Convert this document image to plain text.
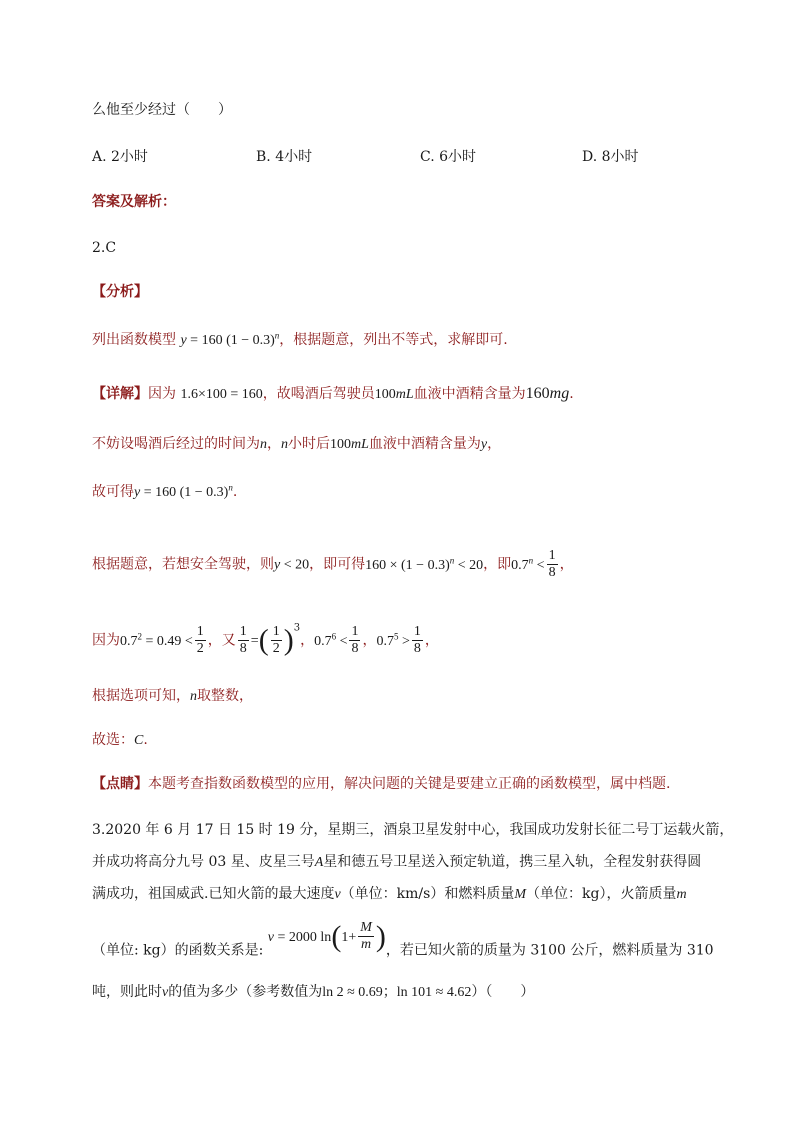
么他至少经过（　　）
A. 2小时	B. 4小时	C. 6小时	D. 8小时
答案及解析：
2.C
【分析】
列出函数模型 y = 160 $(1 - 0.3)^n$，根据题意，列出不等式，求解即可.
【详解】因为 1.6×100 = 160，故喝酒后驾驶员100mL血液中酒精含量为160mg.
不妨设喝酒后经过的时间为n，n小时后100mL血液中酒精含量为y，
故可得y = 160 $(1 - 0.3)^n$.
根据题意，若想安全驾驶，则y < 20，即可得$160 \times (1 - 0.3)^n < 20$，即$0.7^n < \frac{1}{8}$ ，
因为$0.7^2 = 0.49 < \frac{1}{2}$ ，又 $\frac{1}{8}$ =( $\frac{1}{2} )^3$，$0.7^6 < \frac{1}{8}$ ，$0.7^5 > \frac{1}{8}$ ，
根据选项可知，n取整数，
故选：C.
【点睛】本题考查指数函数模型的应用，解决问题的关键是要建立正确的函数模型，属中档题.
3.2020 年 6 月 17 日 15 时 19 分，星期三，酒泉卫星发射中心，我国成功发射长征二号丁运载火箭，
并成功将高分九号 03 星、皮星三号A星和德五号卫星送入预定轨道，携三星入轨，全程发射获得圆
满成功，祖国威武.已知火箭的最大速度v（单位：km/s）和燃料质量M（单位：kg），火箭质量m
（单位: kg）的函数关系是: v = 2000 $\ln(1+ \frac{M}{m}$ )，若已知火箭的质量为 3100 公斤，燃料质量为 310
吨，则此时v的值为多少（参考数值为ln 2 ≈ 0.69；ln 101 ≈ 4.62）（　　）
